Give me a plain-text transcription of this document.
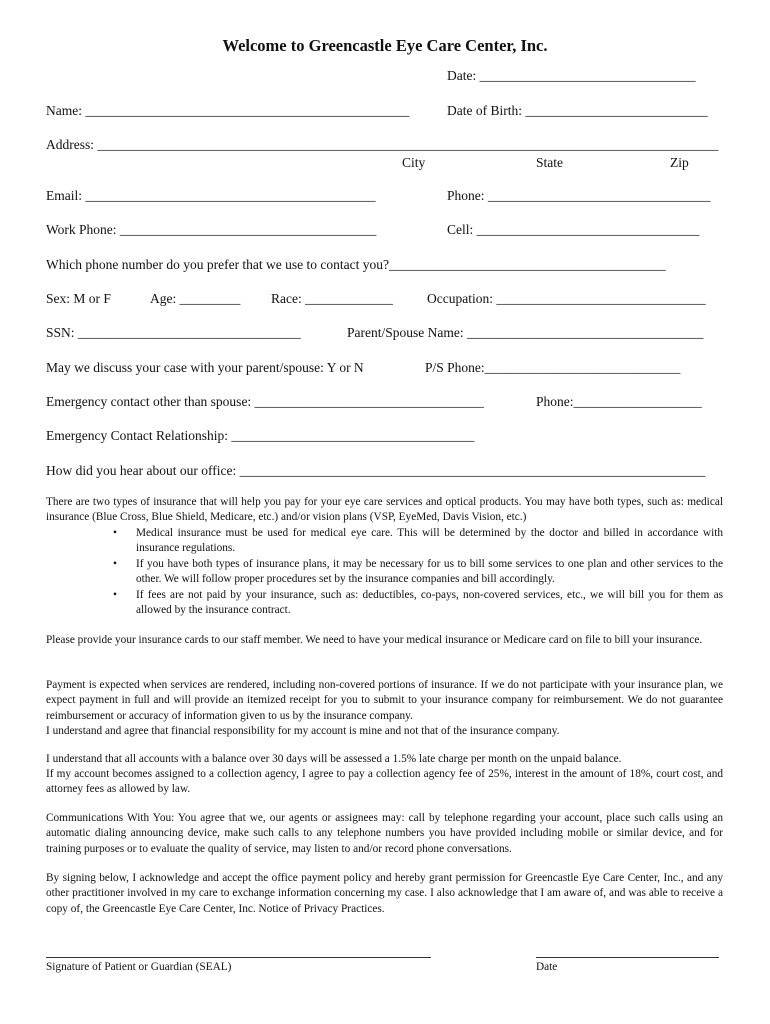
Welcome to Greencastle Eye Care Center, Inc.
Date: ________________________________
Name: ________________________________________________	Date of Birth: ___________________________
Address: ____________________________________________________________________________________________
City	State	Zip
Email: ___________________________________________	Phone: _________________________________
Work Phone: ______________________________________	Cell: _________________________________
Which phone number do you prefer that we use to contact you?_________________________________________
Sex: M or F	Age: _________ Race: _____________	Occupation: _______________________________
SSN: _________________________________	Parent/Spouse Name: ___________________________________
May we discuss your case with your parent/spouse: Y or N	P/S Phone:_____________________________
Emergency contact other than spouse: __________________________________	Phone:___________________
Emergency Contact Relationship: ____________________________________
How did you hear about our office: _____________________________________________________________________
There are two types of insurance that will help you pay for your eye care services and optical products. You may have both types, such as: medical insurance (Blue Cross, Blue Shield, Medicare, etc.) and/or vision plans (VSP, EyeMed, Davis Vision, etc.)
• Medical insurance must be used for medical eye care. This will be determined by the doctor and billed in accordance with insurance regulations.
• If you have both types of insurance plans, it may be necessary for us to bill some services to one plan and other services to the other. We will follow proper procedures set by the insurance companies and bill accordingly.
• If fees are not paid by your insurance, such as: deductibles, co-pays, non-covered services, etc., we will bill you for them as allowed by the insurance contract.
Please provide your insurance cards to our staff member. We need to have your medical insurance or Medicare card on file to bill your insurance.
Payment is expected when services are rendered, including non-covered portions of insurance. If we do not participate with your insurance plan, we expect payment in full and will provide an itemized receipt for you to submit to your insurance company for reimbursement. We do not guarantee reimbursement or accuracy of information given to us by the insurance company.
I understand and agree that financial responsibility for my account is mine and not that of the insurance company.
I understand that all accounts with a balance over 30 days will be assessed a 1.5% late charge per month on the unpaid balance.
If my account becomes assigned to a collection agency, I agree to pay a collection agency fee of 25%, interest in the amount of 18%, court cost, and attorney fees as allowed by law.
Communications With You: You agree that we, our agents or assignees may: call by telephone regarding your account, place such calls using an automatic dialing announcing device, make such calls to any telephone numbers you have provided including mobile or similar device, and for training purposes or to evaluate the quality of service, may listen to and/or record phone conversations.
By signing below, I acknowledge and accept the office payment policy and hereby grant permission for Greencastle Eye Care Center, Inc., and any other practitioner involved in my care to exchange information concerning my case. I also acknowledge that I am aware of, and was able to receive a copy of, the Greencastle Eye Care Center, Inc. Notice of Privacy Practices.
Signature of Patient or Guardian (SEAL)	Date
